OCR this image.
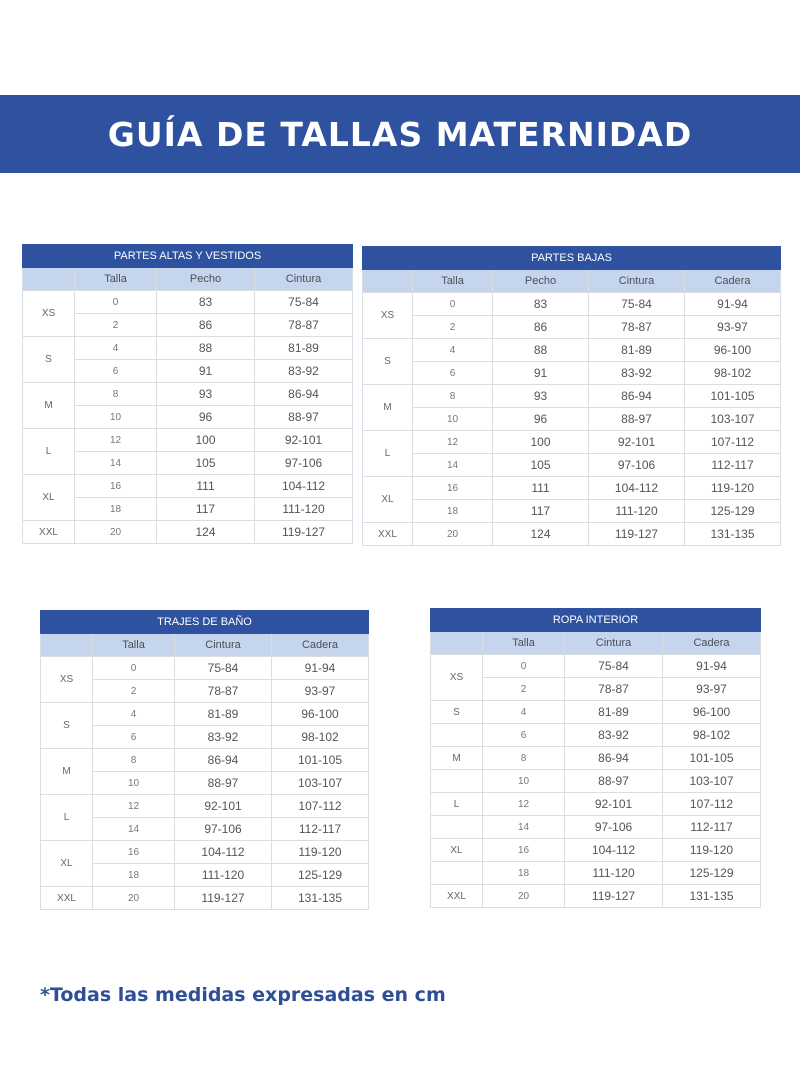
GUÍA DE TALLAS MATERNIDAD
PARTES ALTAS Y VESTIDOS			
	Talla	Pecho	Cintura
XS	0	83	75-84
	2	86	78-87
S	4	88	81-89
	6	91	83-92
M	8	93	86-94
	10	96	88-97
L	12	100	92-101
	14	105	97-106
XL	16	111	104-112
	18	117	111-120
XXL	20	124	119-127
PARTES BAJAS				
	Talla	Pecho	Cintura	Cadera
XS	0	83	75-84	91-94
	2	86	78-87	93-97
S	4	88	81-89	96-100
	6	91	83-92	98-102
M	8	93	86-94	101-105
	10	96	88-97	103-107
L	12	100	92-101	107-112
	14	105	97-106	112-117
XL	16	111	104-112	119-120
	18	117	111-120	125-129
XXL	20	124	119-127	131-135
TRAJES DE BAÑO			
	Talla	Cintura	Cadera
XS	0	75-84	91-94
	2	78-87	93-97
S	4	81-89	96-100
	6	83-92	98-102
M	8	86-94	101-105
	10	88-97	103-107
L	12	92-101	107-112
	14	97-106	112-117
XL	16	104-112	119-120
	18	111-120	125-129
XXL	20	119-127	131-135
ROPA INTERIOR			
	Talla	Cintura	Cadera
XS	0	75-84	91-94
	2	78-87	93-97
S	4	81-89	96-100
	6	83-92	98-102
M	8	86-94	101-105
	10	88-97	103-107
L	12	92-101	107-112
	14	97-106	112-117
XL	16	104-112	119-120
	18	111-120	125-129
XXL	20	119-127	131-135

*Todas las medidas expresadas en cm
